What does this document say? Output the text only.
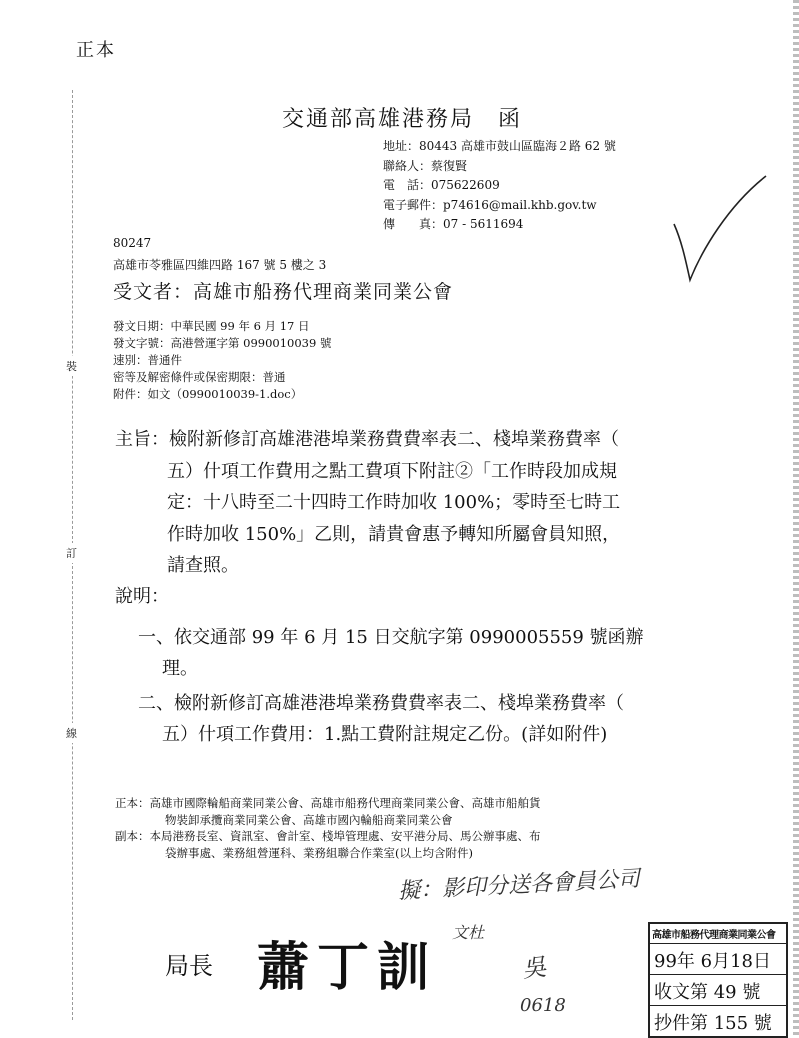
正本
裝
訂
線
交通部高雄港務局　函
地址：80443 高雄市鼓山區臨海２路 62 號
聯絡人：蔡復賢
電　話：075622609
電子郵件：p74616@mail.khb.gov.tw
傳　　真：07 - 5611694
80247
高雄市苓雅區四維四路 167 號 5 樓之 3
受文者：高雄市船務代理商業同業公會
發文日期：中華民國 99 年 6 月 17 日
發文字號：高港營運字第 0990010039 號
速別：普通件
密等及解密條件或保密期限：普通
附件：如文（0990010039-1.doc）
主旨：檢附新修訂高雄港港埠業務費費率表二、棧埠業務費率（
五）什項工作費用之點工費項下附註②「工作時段加成規
定：十八時至二十四時工作時加收 100%；零時至七時工
作時加收 150%」乙則，請貴會惠予轉知所屬會員知照，
請查照。
說明：
一、依交通部 99 年 6 月 15 日交航字第 0990005559 號函辦
理。
二、檢附新修訂高雄港港埠業務費費率表二、棧埠業務費率（
五）什項工作費用：1.點工費附註規定乙份。(詳如附件)
正本：高雄市國際輪船商業同業公會、高雄市船務代理商業同業公會、高雄市船舶貨
物裝卸承攬商業同業公會、高雄市國內輪船商業同業公會
副本：本局港務長室、資訊室、會計室、棧埠管理處、安平港分局、馬公辦事處、布
袋辦事處、業務組營運科、業務組聯合作業室(以上均含附件)
擬：影印分送各會員公司
文杜
吳
0618
局長 蕭丁訓
高雄市船務代理商業同業公會
99年 6月18日
收文第 49 號
抄件第 155 號
